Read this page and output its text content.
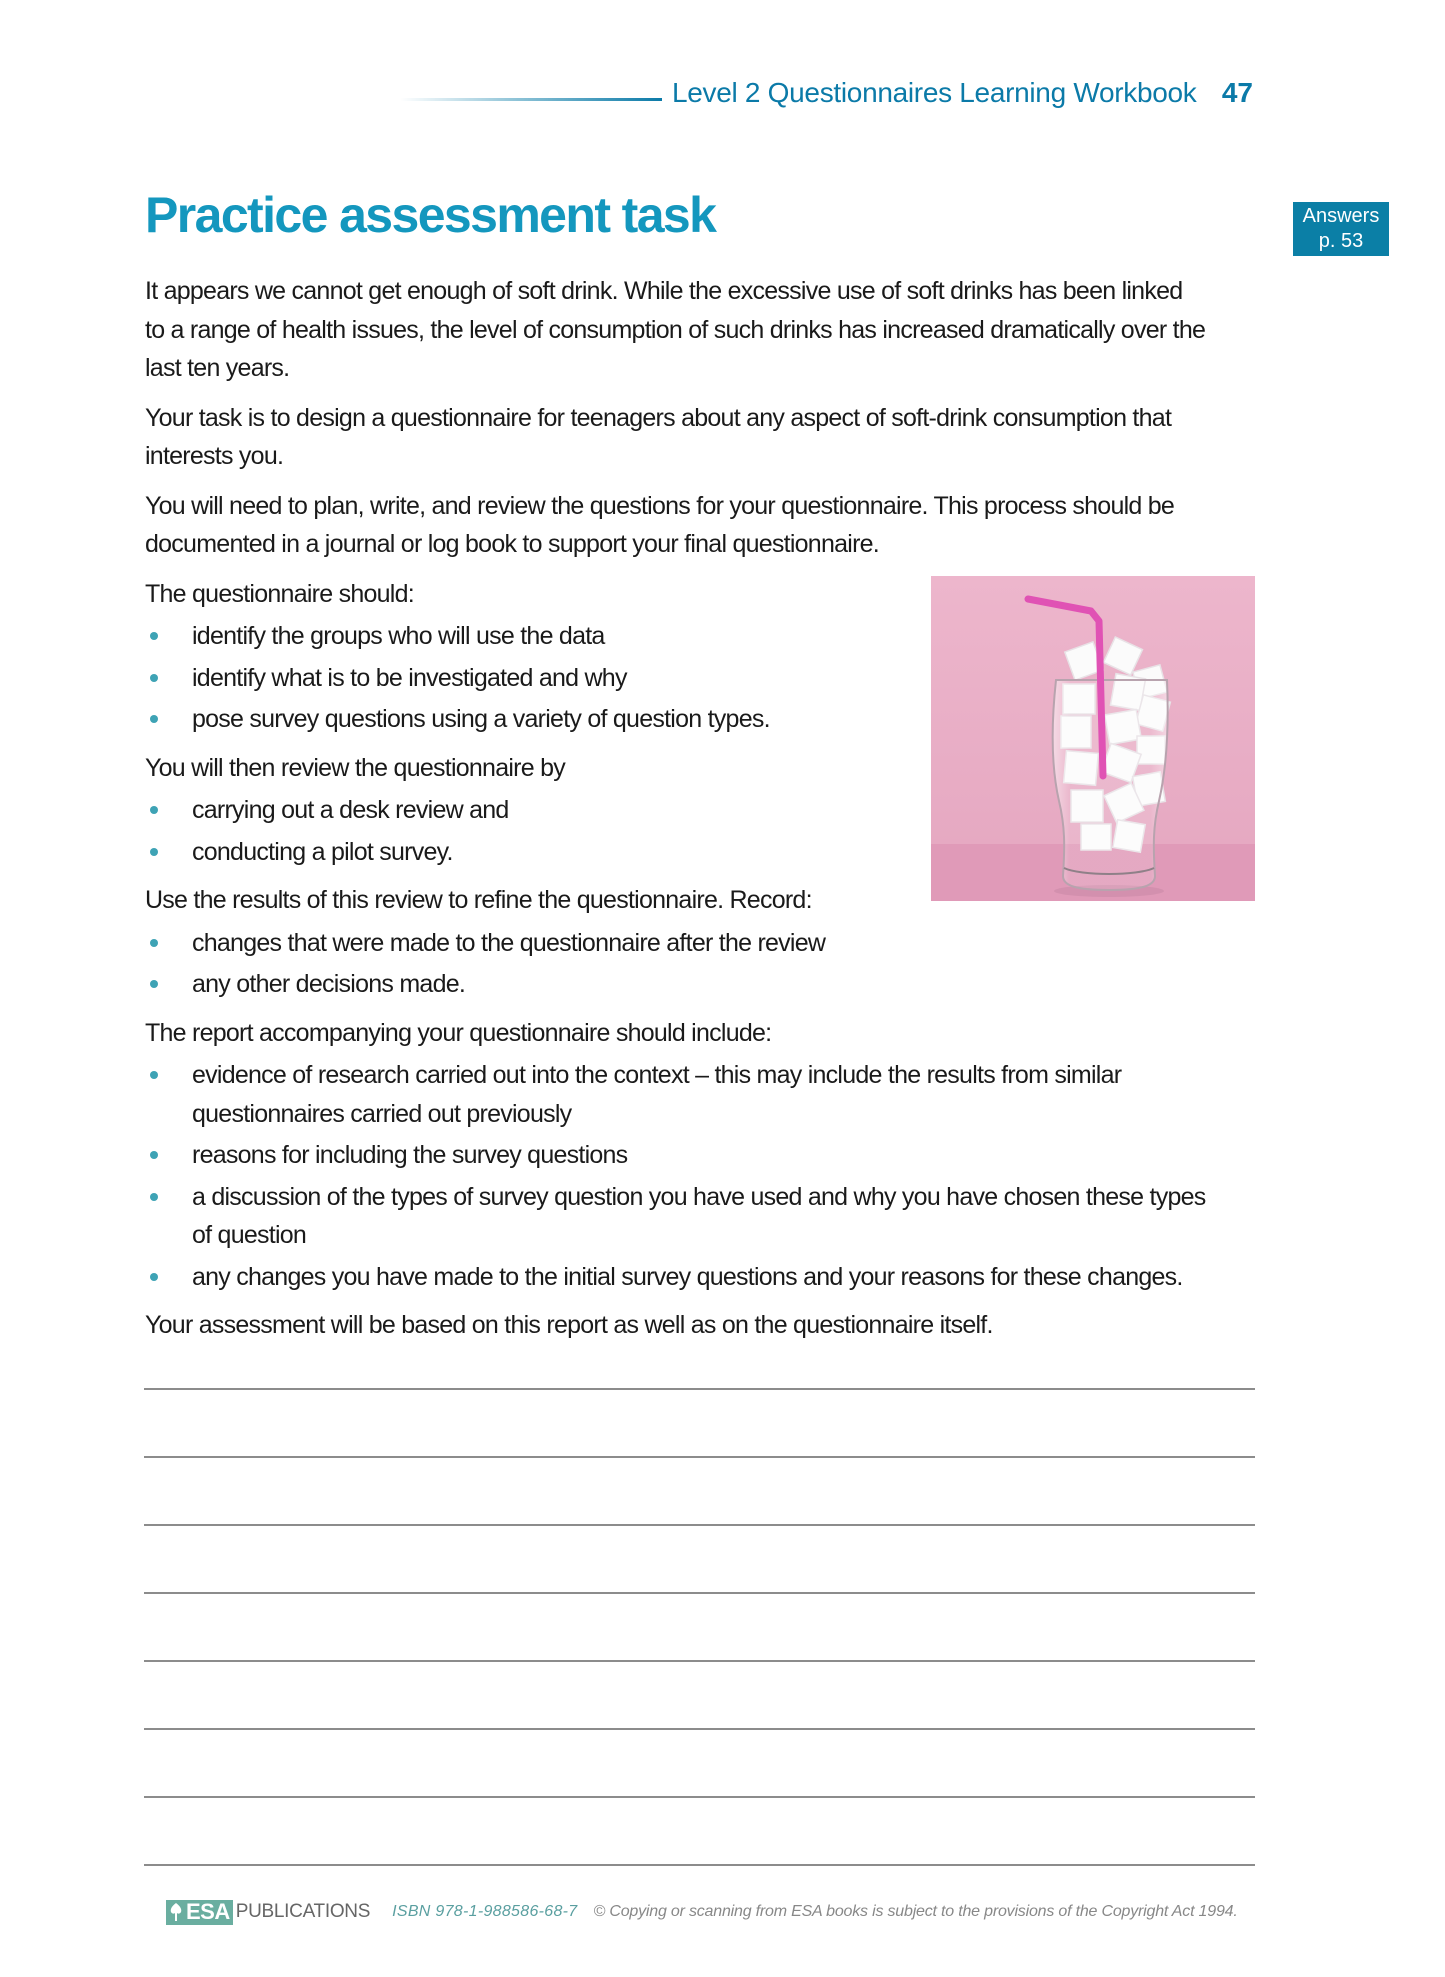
Level 2 Questionnaires Learning Workbook 47
Answers
p. 53
Practice assessment task
It appears we cannot get enough of soft drink. While the excessive use of soft drinks has been linked
to a range of health issues, the level of consumption of such drinks has increased dramatically over the
last ten years.
Your task is to design a questionnaire for teenagers about any aspect of soft-drink consumption that
interests you.
You will need to plan, write, and review the questions for your questionnaire. This process should be
documented in a journal or log book to support your final questionnaire.
The questionnaire should:
identify the groups who will use the data
identify what is to be investigated and why
pose survey questions using a variety of question types.
You will then review the questionnaire by
carrying out a desk review and
conducting a pilot survey.
Use the results of this review to refine the questionnaire. Record:
changes that were made to the questionnaire after the review
any other decisions made.
The report accompanying your questionnaire should include:
evidence of research carried out into the context – this may include the results from similar
questionnaires carried out previously
reasons for including the survey questions
a discussion of the types of survey question you have used and why you have chosen these types
of question
any changes you have made to the initial survey questions and your reasons for these changes.
Your assessment will be based on this report as well as on the questionnaire itself.
ESA PUBLICATIONS ISBN 978-1-988586-68-7 © Copying or scanning from ESA books is subject to the provisions of the Copyright Act 1994.
